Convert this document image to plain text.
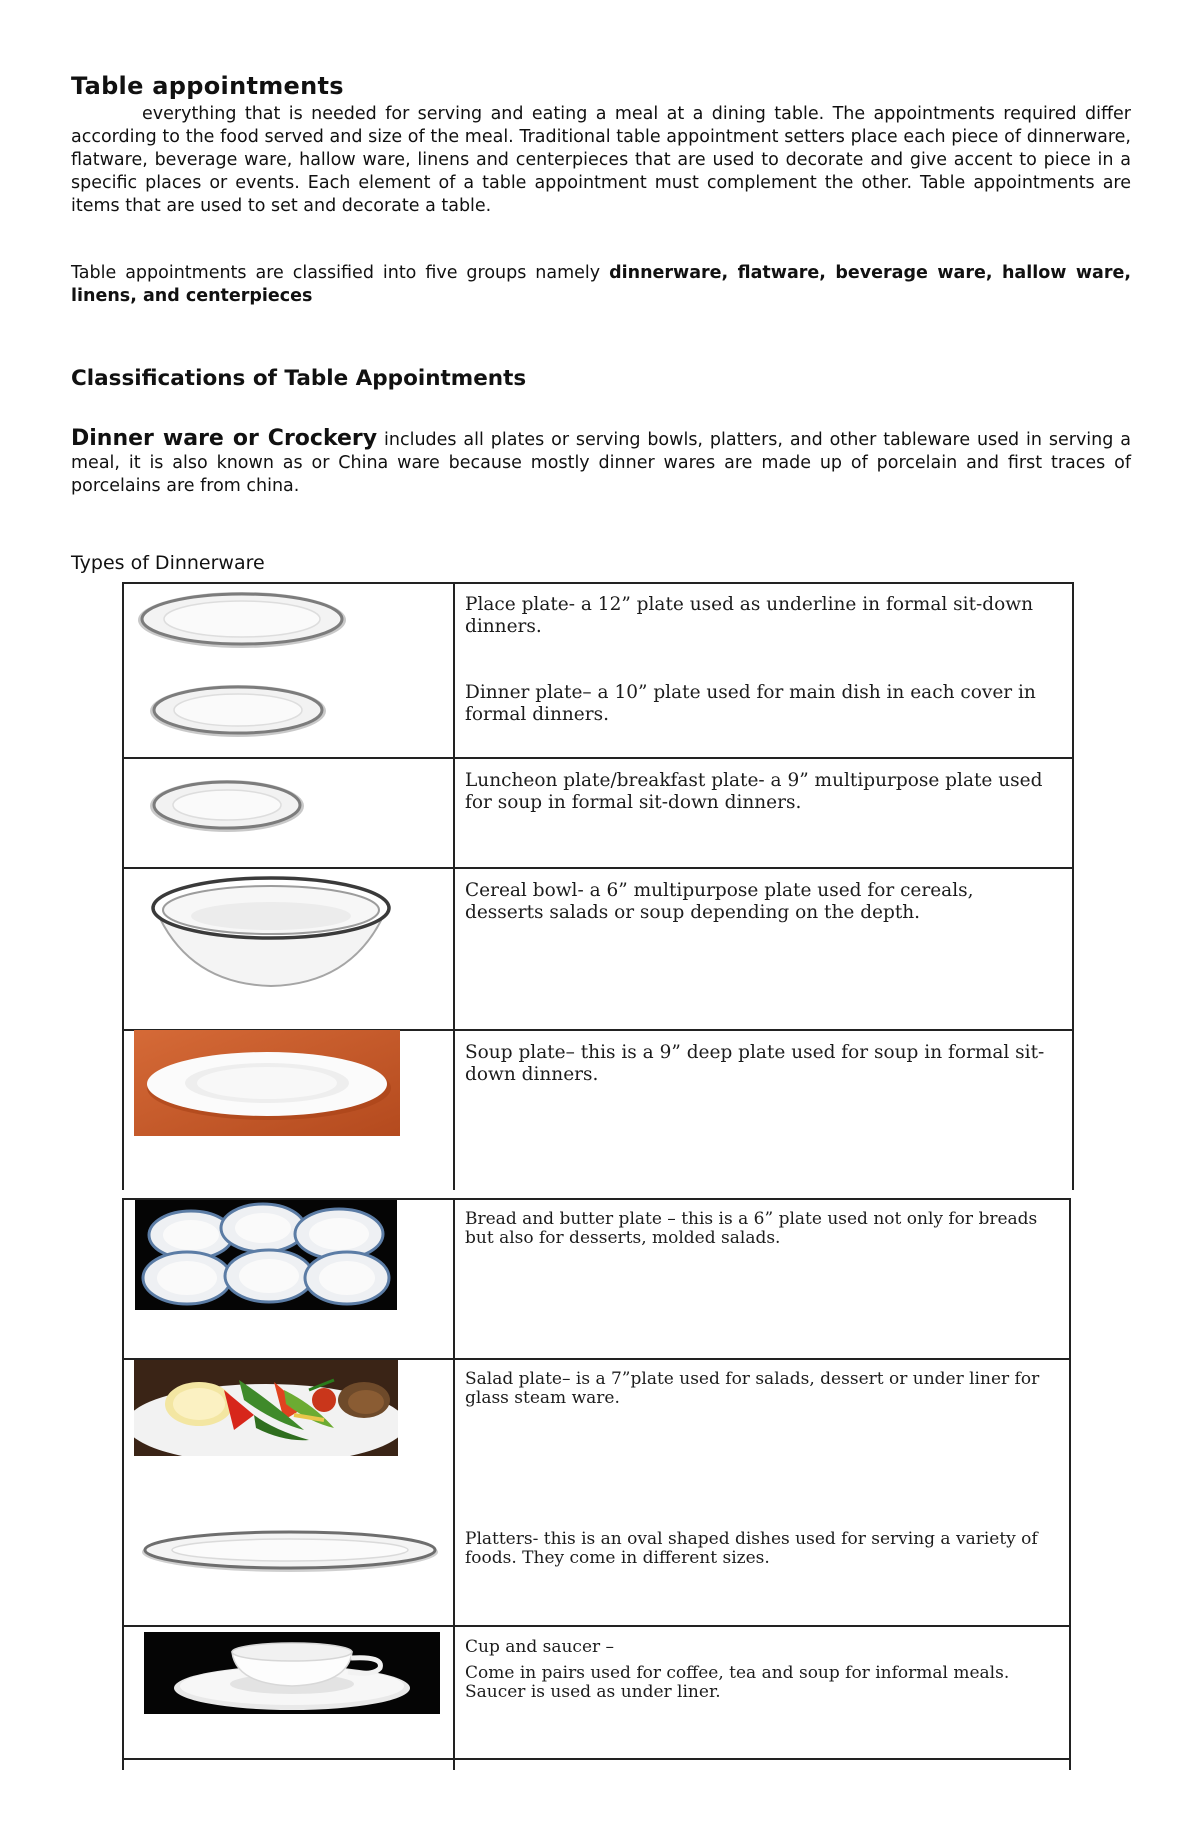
Table appointments

everything that is needed for serving and eating a meal at a dining table. The appointments required differ according to the food served and size of the meal. Traditional table appointment setters place each piece of dinnerware, flatware, beverage ware, hallow ware, linens and centerpieces that are used to decorate and give accent to piece in a specific places or events. Each element of a table appointment must complement the other. Table appointments are items that are used to set and decorate a table.

Table appointments are classified into five groups namely dinnerware, flatware, beverage ware, hallow ware, linens, and centerpieces

Classifications of Table Appointments

Dinner ware or Crockery includes all plates or serving bowls, platters, and other tableware used in serving a meal, it is also known as or China ware because mostly dinner wares are made up of porcelain and first traces of porcelains are from china.

Types of Dinnerware

Place plate- a 12” plate used as underline in formal sit-down dinners.

Dinner plate– a 10” plate used for main dish in each cover in formal dinners.

Luncheon plate/breakfast plate- a 9” multipurpose plate used for soup in formal sit-down dinners.

Cereal bowl- a 6” multipurpose plate used for cereals, desserts salads or soup depending on the depth.

Soup plate– this is a 9” deep plate used for soup in formal sit-down dinners.

Bread and butter plate – this is a 6” plate used not only for breads but also for desserts, molded salads.

Salad plate– is a 7”plate used for salads, dessert or under liner for glass steam ware.

Platters- this is an oval shaped dishes used for serving a variety of foods. They come in different sizes.

Cup and saucer –

Come in pairs used for coffee, tea and soup for informal meals. Saucer is used as under liner.
